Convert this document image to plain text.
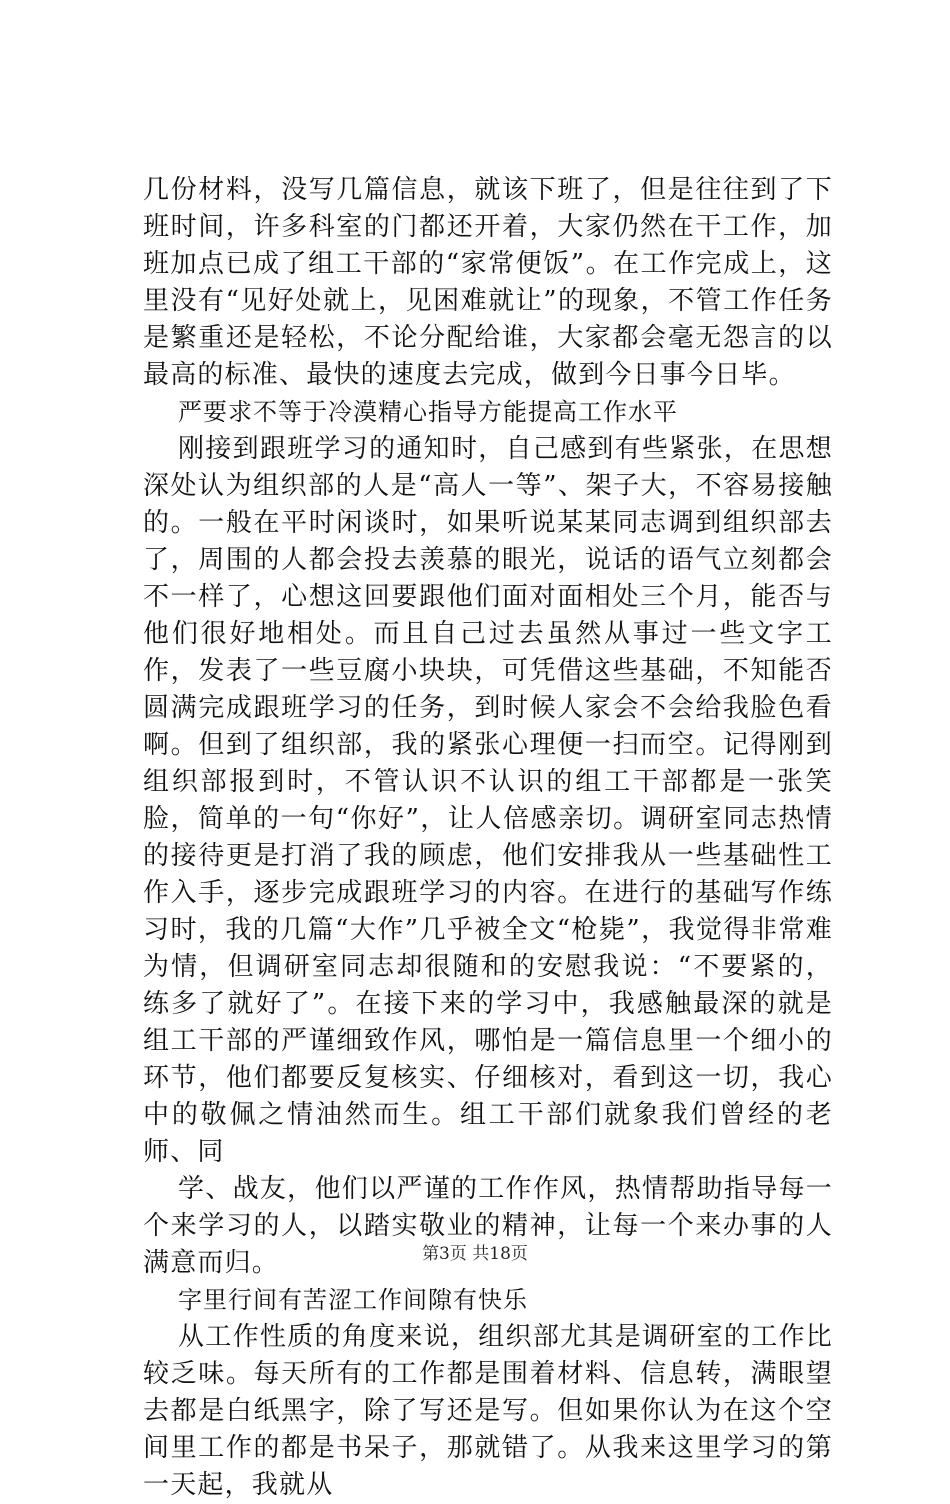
几份材料，没写几篇信息，就该下班了，但是往往到了下班时间，许多科室的门都还开着，大家仍然在干工作，加班加点已成了组工干部的“家常便饭”。在工作完成上，这里没有“见好处就上，见困难就让”的现象，不管工作任务是繁重还是轻松，不论分配给谁，大家都会毫无怨言的以最高的标准、最快的速度去完成，做到今日事今日毕。

严要求不等于冷漠精心指导方能提高工作水平

刚接到跟班学习的通知时，自己感到有些紧张，在思想深处认为组织部的人是“高人一等”、架子大，不容易接触的。一般在平时闲谈时，如果听说某某同志调到组织部去了，周围的人都会投去羡慕的眼光，说话的语气立刻都会不一样了，心想这回要跟他们面对面相处三个月，能否与他们很好地相处。而且自己过去虽然从事过一些文字工作，发表了一些豆腐小块块，可凭借这些基础，不知能否圆满完成跟班学习的任务，到时候人家会不会给我脸色看啊。但到了组织部，我的紧张心理便一扫而空。记得刚到组织部报到时，不管认识不认识的组工干部都是一张笑脸，简单的一句“你好”，让人倍感亲切。调研室同志热情的接待更是打消了我的顾虑，他们安排我从一些基础性工作入手，逐步完成跟班学习的内容。在进行的基础写作练习时，我的几篇“大作”几乎被全文“枪毙”，我觉得非常难为情，但调研室同志却很随和的安慰我说：“不要紧的，练多了就好了”。在接下来的学习中，我感触最深的就是组工干部的严谨细致作风，哪怕是一篇信息里一个细小的环节，他们都要反复核实、仔细核对，看到这一切，我心中的敬佩之情油然而生。组工干部们就象我们曾经的老师、同

学、战友，他们以严谨的工作作风，热情帮助指导每一个来学习的人，以踏实敬业的精神，让每一个来办事的人满意而归。

字里行间有苦涩工作间隙有快乐

从工作性质的角度来说，组织部尤其是调研室的工作比较乏味。每天所有的工作都是围着材料、信息转，满眼望去都是白纸黑字，除了写还是写。但如果你认为在这个空间里工作的都是书呆子，那就错了。从我来这里学习的第一天起，我就从

第3页 共18页
